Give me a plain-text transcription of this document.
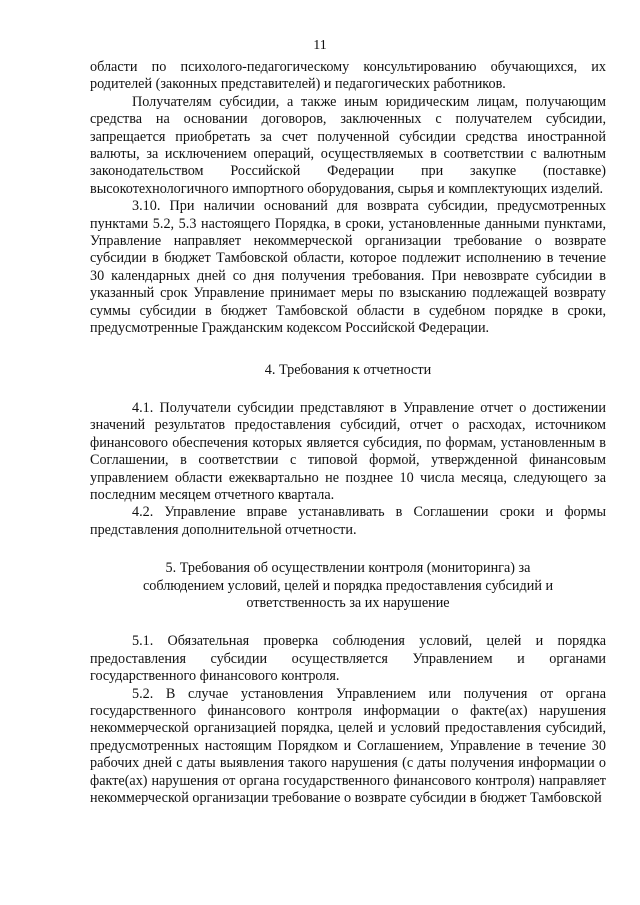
11

области по психолого-педагогическому консультированию обучающихся, их родителей (законных представителей) и педагогических работников.

Получателям субсидии, а также иным юридическим лицам, получающим средства на основании договоров, заключенных с получателем субсидии, запрещается приобретать за счет полученной субсидии средства иностранной валюты, за исключением операций, осуществляемых в соответствии с валютным законодательством Российской Федерации при закупке (поставке) высокотехнологичного импортного оборудования, сырья и комплектующих изделий.

3.10. При наличии оснований для возврата субсидии, предусмотренных пунктами 5.2, 5.3 настоящего Порядка, в сроки, установленные данными пунктами, Управление направляет некоммерческой организации требование о возврате субсидии в бюджет Тамбовской области, которое подлежит исполнению в течение 30 календарных дней со дня получения требования. При невозврате субсидии в указанный срок Управление принимает меры по взысканию подлежащей возврату суммы субсидии в бюджет Тамбовской области в судебном порядке в сроки, предусмотренные Гражданским кодексом Российской Федерации.

4. Требования к отчетности

4.1. Получатели субсидии представляют в Управление отчет о достижении значений результатов предоставления субсидий, отчет о расходах, источником финансового обеспечения которых является субсидия, по формам, установленным в Соглашении, в соответствии с типовой формой, утвержденной финансовым управлением области ежеквартально не позднее 10 числа месяца, следующего за последним месяцем отчетного квартала.

4.2. Управление вправе устанавливать в Соглашении сроки и формы представления дополнительной отчетности.

5. Требования об осуществлении контроля (мониторинга) за
соблюдением условий, целей и порядка предоставления субсидий и
ответственность за их нарушение

5.1. Обязательная проверка соблюдения условий, целей и порядка предоставления субсидии осуществляется Управлением и органами государственного финансового контроля.

5.2. В случае установления Управлением или получения от органа государственного финансового контроля информации о факте(ах) нарушения некоммерческой организацией порядка, целей и условий предоставления субсидий, предусмотренных настоящим Порядком и Соглашением, Управление в течение 30 рабочих дней с даты выявления такого нарушения (с даты получения информации о факте(ах) нарушения от органа государственного финансового контроля) направляет некоммерческой организации требование о возврате субсидии в бюджет Тамбовской
